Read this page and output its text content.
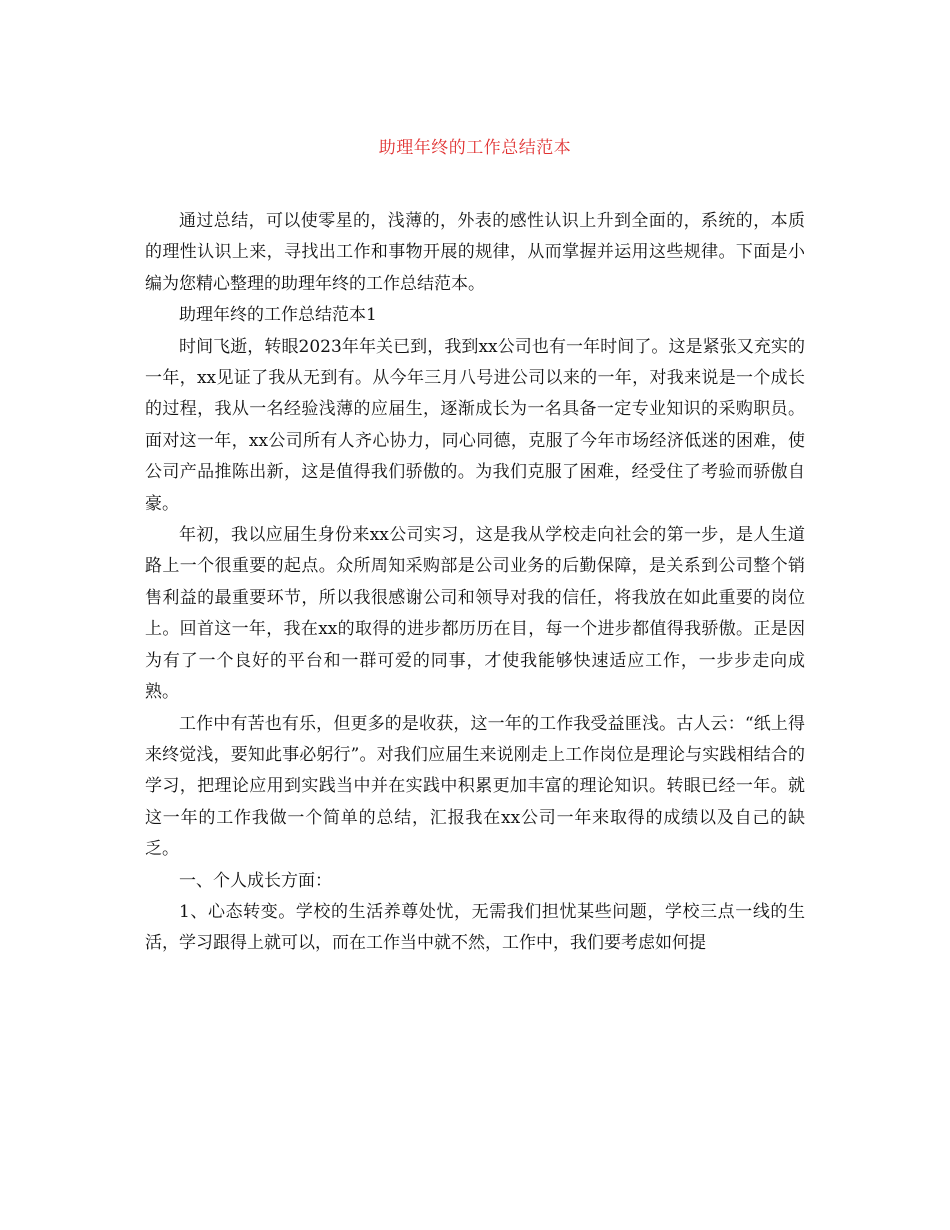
助理年终的工作总结范本

通过总结，可以使零星的，浅薄的，外表的感性认识上升到全面的，系统的，本质的理性认识上来，寻找出工作和事物开展的规律，从而掌握并运用这些规律。下面是小编为您精心整理的助理年终的工作总结范本。

助理年终的工作总结范本1

时间飞逝，转眼2023年年关已到，我到xx公司也有一年时间了。这是紧张又充实的一年，xx见证了我从无到有。从今年三月八号进公司以来的一年，对我来说是一个成长的过程，我从一名经验浅薄的应届生，逐渐成长为一名具备一定专业知识的采购职员。面对这一年，xx公司所有人齐心协力，同心同德，克服了今年市场经济低迷的困难，使公司产品推陈出新，这是值得我们骄傲的。为我们克服了困难，经受住了考验而骄傲自豪。

年初，我以应届生身份来xx公司实习，这是我从学校走向社会的第一步，是人生道路上一个很重要的起点。众所周知采购部是公司业务的后勤保障，是关系到公司整个销售利益的最重要环节，所以我很感谢公司和领导对我的信任，将我放在如此重要的岗位上。回首这一年，我在xx的取得的进步都历历在目，每一个进步都值得我骄傲。正是因为有了一个良好的平台和一群可爱的同事，才使我能够快速适应工作，一步步走向成熟。

工作中有苦也有乐，但更多的是收获，这一年的工作我受益匪浅。古人云：“纸上得来终觉浅，要知此事必躬行”。对我们应届生来说刚走上工作岗位是理论与实践相结合的学习，把理论应用到实践当中并在实践中积累更加丰富的理论知识。转眼已经一年。就这一年的工作我做一个简单的总结，汇报我在xx公司一年来取得的成绩以及自己的缺乏。

一、个人成长方面：

1、心态转变。学校的生活养尊处忧，无需我们担忧某些问题，学校三点一线的生活，学习跟得上就可以，而在工作当中就不然，工作中，我们要考虑如何提
